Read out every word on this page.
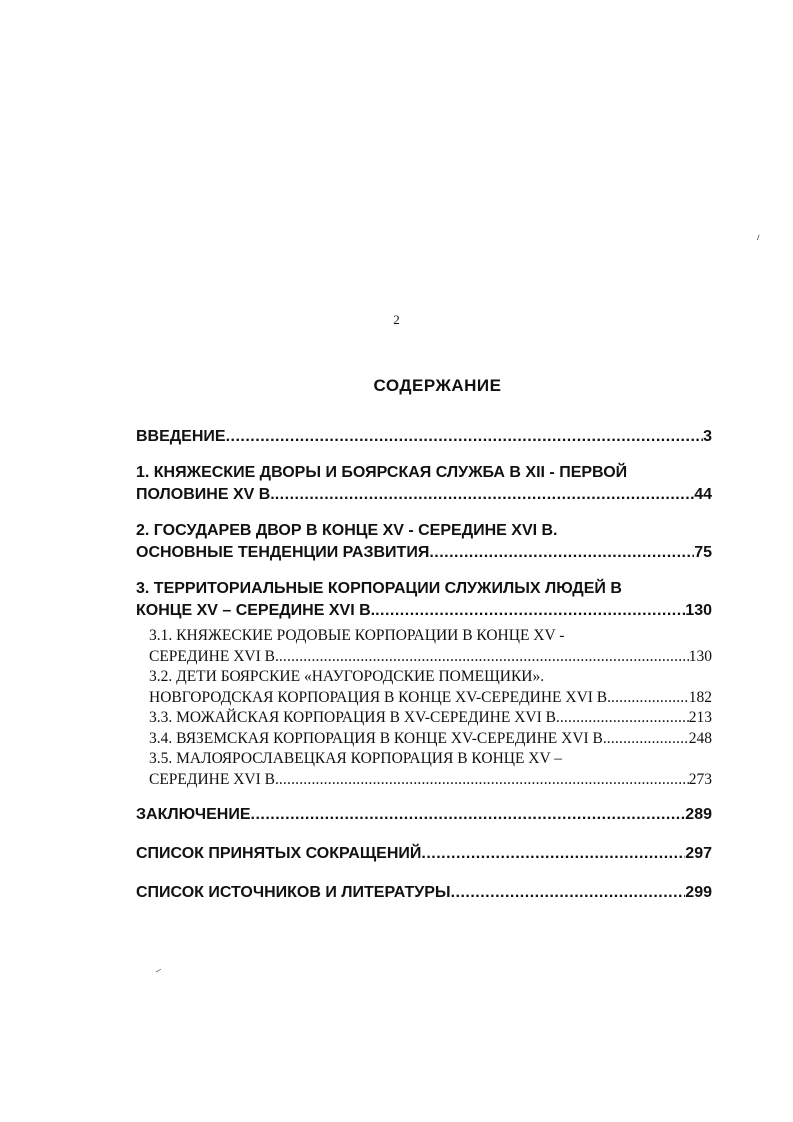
⸝
⸝
2
СОДЕРЖАНИЕ
ВВЕДЕНИЕ .....	3
1. КНЯЖЕСКИЕ ДВОРЫ И БОЯРСКАЯ СЛУЖБА В XII - ПЕРВОЙ
ПОЛОВИНЕ XV В. .....	44
2. ГОСУДАРЕВ ДВОР В КОНЦЕ XV - СЕРЕДИНЕ XVI В.
ОСНОВНЫЕ ТЕНДЕНЦИИ РАЗВИТИЯ .....	75
3. ТЕРРИТОРИАЛЬНЫЕ КОРПОРАЦИИ СЛУЖИЛЫХ ЛЮДЕЙ В
КОНЦЕ XV – СЕРЕДИНЕ XVI В. .....	130
3.1. КНЯЖЕСКИЕ РОДОВЫЕ КОРПОРАЦИИ В КОНЦЕ XV -
СЕРЕДИНЕ XVI В. .....	130
3.2. ДЕТИ БОЯРСКИЕ «НАУГОРОДСКИЕ ПОМЕЩИКИ».
НОВГОРОДСКАЯ КОРПОРАЦИЯ В КОНЦЕ XV-СЕРЕДИНЕ XVI В. .....	182
3.3. МОЖАЙСКАЯ КОРПОРАЦИЯ В XV-СЕРЕДИНЕ XVI В. .....	213
3.4. ВЯЗЕМСКАЯ КОРПОРАЦИЯ В КОНЦЕ XV-СЕРЕДИНЕ XVI В. .....	248
3.5. МАЛОЯРОСЛАВЕЦКАЯ КОРПОРАЦИЯ В КОНЦЕ XV –
СЕРЕДИНЕ XVI В. .....	273
ЗАКЛЮЧЕНИЕ .....	289
СПИСОК ПРИНЯТЫХ СОКРАЩЕНИЙ .....	297
СПИСОК ИСТОЧНИКОВ И ЛИТЕРАТУРЫ .....	299
